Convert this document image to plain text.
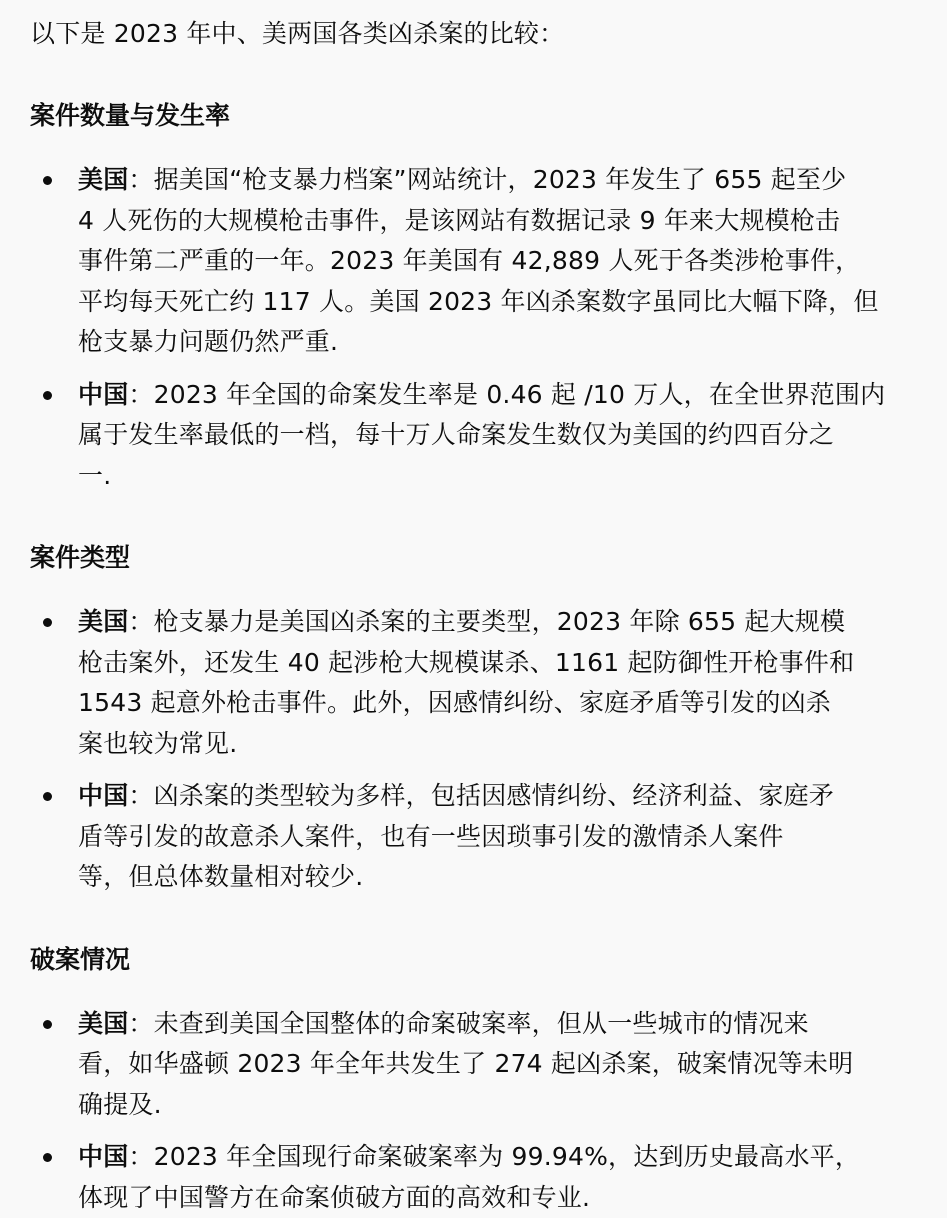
以下是 2023 年中、美两国各类凶杀案的比较：

案件数量与发生率
美国：据美国“枪支暴力档案”网站统计，2023 年发生了 655 起至少
4 人死伤的大规模枪击事件，是该网站有数据记录 9 年来大规模枪击
事件第二严重的一年。2023 年美国有 42,889 人死于各类涉枪事件，
平均每天死亡约 117 人。美国 2023 年凶杀案数字虽同比大幅下降，但
枪支暴力问题仍然严重.
中国：2023 年全国的命案发生率是 0.46 起 /10 万人，在全世界范围内
属于发生率最低的一档，每十万人命案发生数仅为美国的约四百分之
一.
案件类型
美国：枪支暴力是美国凶杀案的主要类型，2023 年除 655 起大规模
枪击案外，还发生 40 起涉枪大规模谋杀、1161 起防御性开枪事件和
1543 起意外枪击事件。此外，因感情纠纷、家庭矛盾等引发的凶杀
案也较为常见.
中国：凶杀案的类型较为多样，包括因感情纠纷、经济利益、家庭矛
盾等引发的故意杀人案件，也有一些因琐事引发的激情杀人案件
等，但总体数量相对较少.
破案情况
美国：未查到美国全国整体的命案破案率，但从一些城市的情况来
看，如华盛顿 2023 年全年共发生了 274 起凶杀案，破案情况等未明
确提及.
中国：2023 年全国现行命案破案率为 99.94%，达到历史最高水平，
体现了中国警方在命案侦破方面的高效和专业.
